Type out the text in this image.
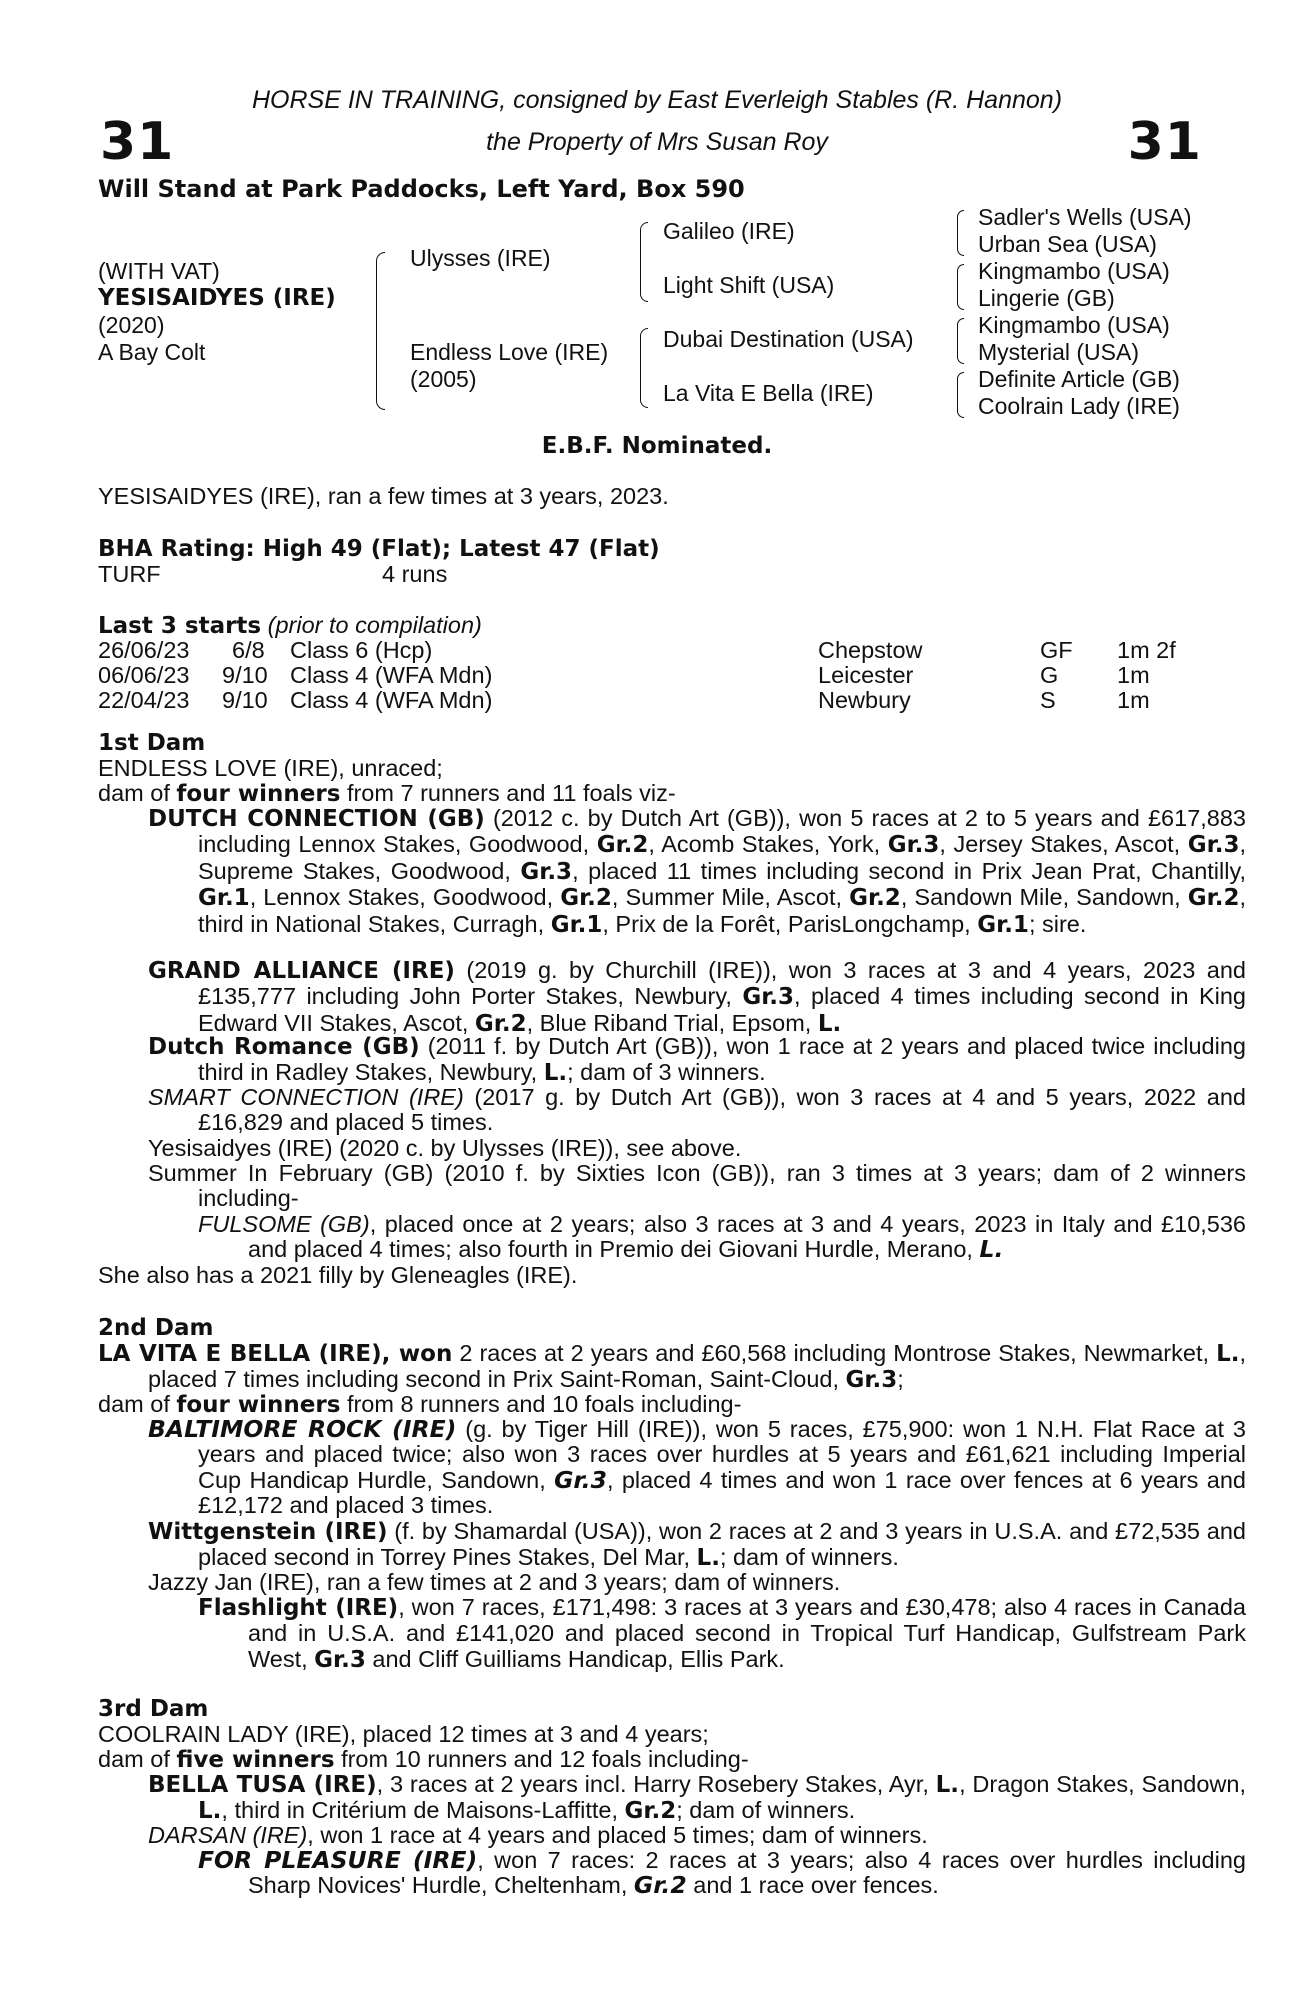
HORSE IN TRAINING, consigned by East Everleigh Stables (R. Hannon)
the Property of Mrs Susan Roy
31	31
Will Stand at Park Paddocks, Left Yard, Box 590
(WITH VAT)
YESISAIDYES (IRE)
(2020)
A Bay Colt
Ulysses (IRE)
Endless Love (IRE)
(2005)
Galileo (IRE)
Light Shift (USA)
Dubai Destination (USA)
La Vita E Bella (IRE)
Sadler's Wells (USA)
Urban Sea (USA)
Kingmambo (USA)
Lingerie (GB)
Kingmambo (USA)
Mysterial (USA)
Definite Article (GB)
Coolrain Lady (IRE)
E.B.F. Nominated.
YESISAIDYES (IRE), ran a few times at 3 years, 2023.
BHA Rating: High 49 (Flat); Latest 47 (Flat)
TURF	4 runs
Last 3 starts (prior to compilation)
26/06/23 6/8 Class 6 (Hcp)	Chepstow	GF 1m 2f
06/06/23 9/10 Class 4 (WFA Mdn)	Leicester	G 1m
22/04/23 9/10 Class 4 (WFA Mdn)	Newbury	S	1m
1st Dam
ENDLESS LOVE (IRE), unraced;
dam of four winners from 7 runners and 11 foals viz-
DUTCH CONNECTION (GB) (2012 c. by Dutch Art (GB)), won 5 races at 2 to 5 years and £617,883 including Lennox Stakes, Goodwood, Gr.2, Acomb Stakes, York, Gr.3, Jersey Stakes, Ascot, Gr.3, Supreme Stakes, Goodwood, Gr.3, placed 11 times including second in Prix Jean Prat, Chantilly, Gr.1, Lennox Stakes, Goodwood, Gr.2, Summer Mile, Ascot, Gr.2, Sandown Mile, Sandown, Gr.2, third in National Stakes, Curragh, Gr.1, Prix de la Forêt, ParisLongchamp, Gr.1; sire.
GRAND ALLIANCE (IRE) (2019 g. by Churchill (IRE)), won 3 races at 3 and 4 years, 2023 and £135,777 including John Porter Stakes, Newbury, Gr.3, placed 4 times including second in King Edward VII Stakes, Ascot, Gr.2, Blue Riband Trial, Epsom, L.
Dutch Romance (GB) (2011 f. by Dutch Art (GB)), won 1 race at 2 years and placed twice including third in Radley Stakes, Newbury, L.; dam of 3 winners.
SMART CONNECTION (IRE) (2017 g. by Dutch Art (GB)), won 3 races at 4 and 5 years, 2022 and £16,829 and placed 5 times.
Yesisaidyes (IRE) (2020 c. by Ulysses (IRE)), see above.
Summer In February (GB) (2010 f. by Sixties Icon (GB)), ran 3 times at 3 years; dam of 2 winners including-
FULSOME (GB), placed once at 2 years; also 3 races at 3 and 4 years, 2023 in Italy and £10,536 and placed 4 times; also fourth in Premio dei Giovani Hurdle, Merano, L.
She also has a 2021 filly by Gleneagles (IRE).
2nd Dam
LA VITA E BELLA (IRE), won 2 races at 2 years and £60,568 including Montrose Stakes, Newmarket, L., placed 7 times including second in Prix Saint-Roman, Saint-Cloud, Gr.3;
dam of four winners from 8 runners and 10 foals including-
BALTIMORE ROCK (IRE) (g. by Tiger Hill (IRE)), won 5 races, £75,900: won 1 N.H. Flat Race at 3 years and placed twice; also won 3 races over hurdles at 5 years and £61,621 including Imperial Cup Handicap Hurdle, Sandown, Gr.3, placed 4 times and won 1 race over fences at 6 years and £12,172 and placed 3 times.
Wittgenstein (IRE) (f. by Shamardal (USA)), won 2 races at 2 and 3 years in U.S.A. and £72,535 and placed second in Torrey Pines Stakes, Del Mar, L.; dam of winners.
Jazzy Jan (IRE), ran a few times at 2 and 3 years; dam of winners.
Flashlight (IRE), won 7 races, £171,498: 3 races at 3 years and £30,478; also 4 races in Canada and in U.S.A. and £141,020 and placed second in Tropical Turf Handicap, Gulfstream Park West, Gr.3 and Cliff Guilliams Handicap, Ellis Park.
3rd Dam
COOLRAIN LADY (IRE), placed 12 times at 3 and 4 years;
dam of five winners from 10 runners and 12 foals including-
BELLA TUSA (IRE), 3 races at 2 years incl. Harry Rosebery Stakes, Ayr, L., Dragon Stakes, Sandown, L., third in Critérium de Maisons-Laffitte, Gr.2; dam of winners.
DARSAN (IRE), won 1 race at 4 years and placed 5 times; dam of winners.
FOR PLEASURE (IRE), won 7 races: 2 races at 3 years; also 4 races over hurdles including Sharp Novices' Hurdle, Cheltenham, Gr.2 and 1 race over fences.
